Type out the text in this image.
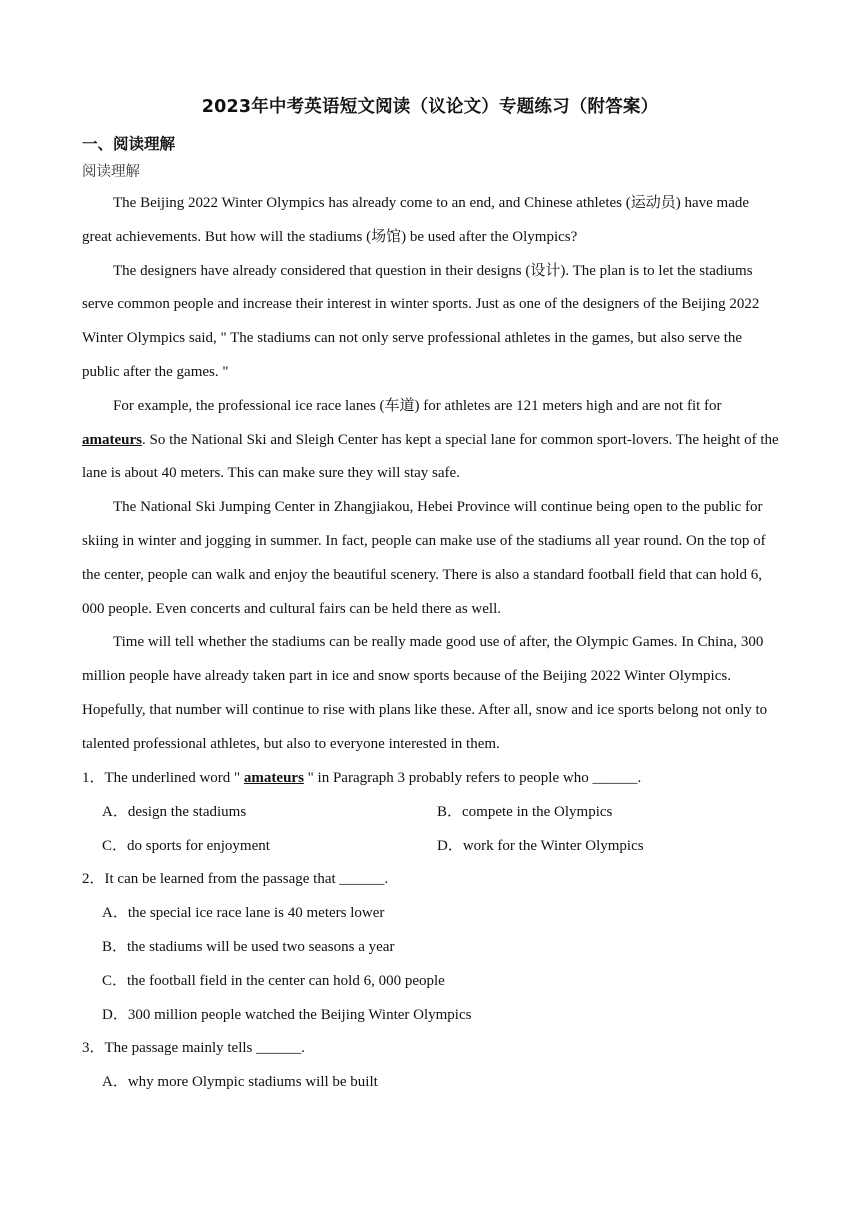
2023年中考英语短文阅读（议论文）专题练习（附答案）
一、阅读理解
阅读理解

The Beijing 2022 Winter Olympics has already come to an end, and Chinese athletes (运动员) have made great achievements. But how will the stadiums (场馆) be used after the Olympics?

The designers have already considered that question in their designs (设计). The plan is to let the stadiums serve common people and increase their interest in winter sports. Just as one of the designers of the Beijing 2022 Winter Olympics said, " The stadiums can not only serve professional athletes in the games, but also serve the public after the games. "

For example, the professional ice race lanes (车道) for athletes are 121 meters high and are not fit for amateurs. So the National Ski and Sleigh Center has kept a special lane for common sport-lovers. The height of the lane is about 40 meters. This can make sure they will stay safe.

The National Ski Jumping Center in Zhangjiakou, Hebei Province will continue being open to the public for skiing in winter and jogging in summer. In fact, people can make use of the stadiums all year round. On the top of the center, people can walk and enjoy the beautiful scenery. There is also a standard football field that can hold 6, 000 people. Even concerts and cultural fairs can be held there as well.

Time will tell whether the stadiums can be really made good use of after, the Olympic Games. In China, 300 million people have already taken part in ice and snow sports because of the Beijing 2022 Winter Olympics. Hopefully, that number will continue to rise with plans like these. After all, snow and ice sports belong not only to talented professional athletes, but also to everyone interested in them.

1．The underlined word " amateurs " in Paragraph 3 probably refers to people who ______.

A．design the stadiums	B．compete in the Olympics

C．do sports for enjoyment	D．work for the Winter Olympics

2．It can be learned from the passage that ______.

A．the special ice race lane is 40 meters lower

B．the stadiums will be used two seasons a year

C．the football field in the center can hold 6, 000 people

D．300 million people watched the Beijing Winter Olympics

3．The passage mainly tells ______.

A．why more Olympic stadiums will be built
